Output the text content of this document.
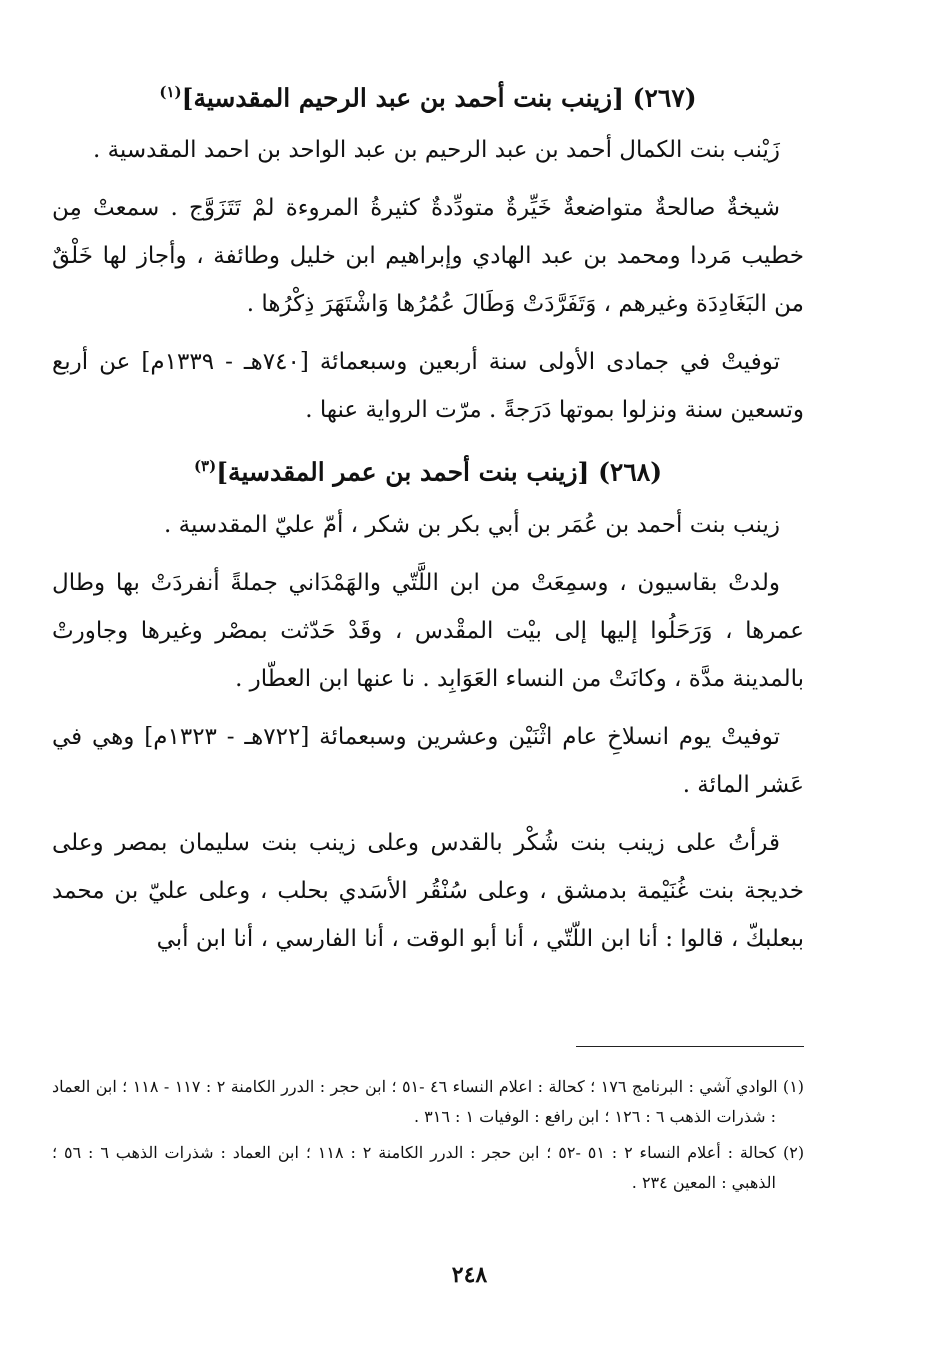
(٢٦٧) [زينب بنت أحمد بن عبد الرحيم المقدسية]$^{(١)}$

زَيْنب بنت الكمال أحمد بن عبد الرحيم بن عبد الواحد بن احمد المقدسية .

شيخةٌ صالحةٌ متواضعةٌ خَيِّرةٌ متودِّدةٌ كثيرةُ المروءة لمْ تَتَزَوَّج . سمعتْ مِن خطيب مَردا ومحمد بن عبد الهادي وإبراهيم ابن خليل وطائفة ، وأجاز لها خَلْقٌ من البَغَادِدَة وغيرهم ، وَتَفَرَّدَتْ وَطَالَ عُمُرُها وَاشْتَهَرَ ذِكْرُها .

توفيتْ في جمادى الأولى سنة أربعين وسبعمائة [٧٤٠هـ - ١٣٣٩م] عن أربع وتسعين سنة ونزلوا بموتها دَرَجةً . مرّت الرواية عنها .

(٢٦٨) [زينب بنت أحمد بن عمر المقدسية]$^{(٣)}$

زينب بنت أحمد بن عُمَر بن أبي بكر بن شكر ، أمّ عليّ المقدسية .

ولدتْ بقاسيون ، وسمِعَتْ من ابن اللَّتّي والهَمْدَاني جملةً أنفردَتْ بها وطال عمرها ، وَرَحَلُوا إليها إلى بيْت المقْدس ، وقَدْ حَدّثت بمصْر وغيرها وجاورتْ بالمدينة مدَّة ، وكانَتْ من النساء العَوَابِد . نا عنها ابن العطّار .

توفيتْ يوم انسلاخِ عام اثْنَيْن وعشرين وسبعمائة [٧٢٢هـ - ١٣٢٣م] وهي في عَشر المائة .

قرأتُ على زينب بنت شُكْر بالقدس وعلى زينب بنت سليمان بمصر وعلى خديجة بنت غُنَيْمة بدمشق ، وعلى سُنْقُر الأسَدي بحلب ، وعلى عليّ بن محمد ببعلبكّ ، قالوا : أنا ابن اللّتّي ، أنا أبو الوقت ، أنا الفارسي ، أنا ابن أبي

(١) الوادي آشي : البرنامج ١٧٦ ؛ كحالة : اعلام النساء ٤٦ -٥١ ؛ ابن حجر : الدرر الكامنة ٢ : ١١٧ - ١١٨ ؛ ابن العماد : شذرات الذهب ٦ : ١٢٦ ؛ ابن رافع : الوفيات ١ : ٣١٦ .

(٢) كحالة : أعلام النساء ٢ : ٥١ -٥٢ ؛ ابن حجر : الدرر الكامنة ٢ : ١١٨ ؛ ابن العماد : شذرات الذهب ٦ : ٥٦ ؛ الذهبي : المعين ٢٣٤ .

٢٤٨
